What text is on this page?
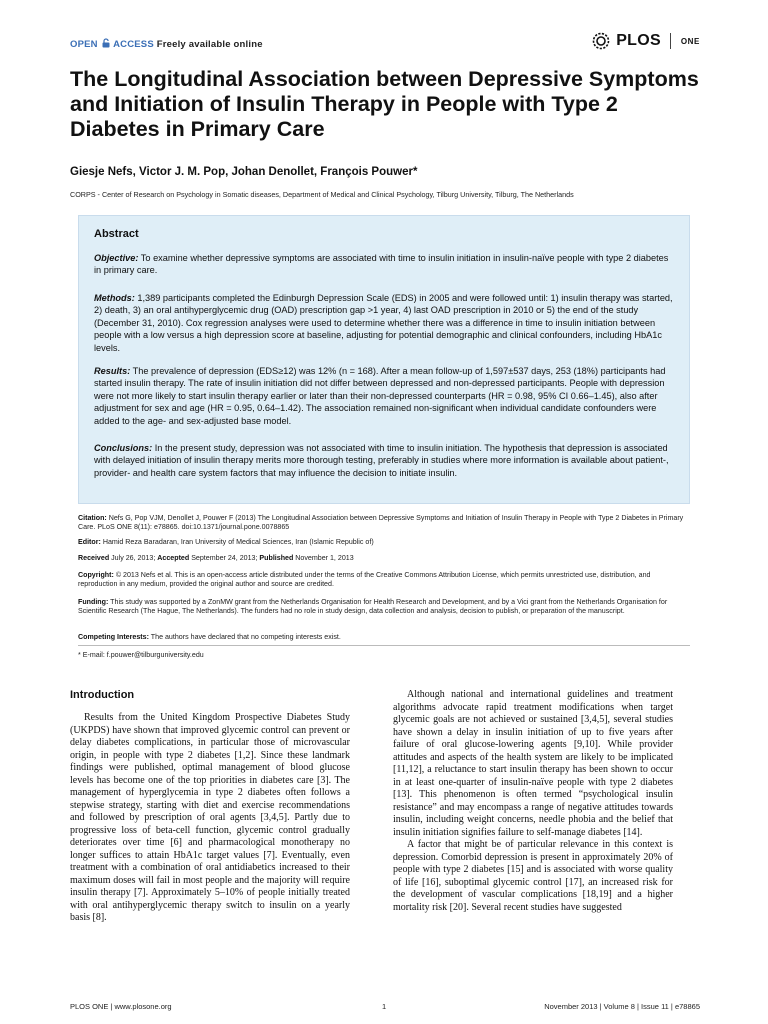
OPEN ACCESS Freely available online	PLOS ONE
The Longitudinal Association between Depressive Symptoms and Initiation of Insulin Therapy in People with Type 2 Diabetes in Primary Care
Giesje Nefs, Victor J. M. Pop, Johan Denollet, François Pouwer*
CORPS - Center of Research on Psychology in Somatic diseases, Department of Medical and Clinical Psychology, Tilburg University, Tilburg, The Netherlands
Abstract
Objective: To examine whether depressive symptoms are associated with time to insulin initiation in insulin-naïve people with type 2 diabetes in primary care.
Methods: 1,389 participants completed the Edinburgh Depression Scale (EDS) in 2005 and were followed until: 1) insulin therapy was started, 2) death, 3) an oral antihyperglycemic drug (OAD) prescription gap >1 year, 4) last OAD prescription in 2010 or 5) the end of the study (December 31, 2010). Cox regression analyses were used to determine whether there was a difference in time to insulin initiation between people with a low versus a high depression score at baseline, adjusting for potential demographic and clinical confounders, including HbA1c levels.
Results: The prevalence of depression (EDS≥12) was 12% (n = 168). After a mean follow-up of 1,597±537 days, 253 (18%) participants had started insulin therapy. The rate of insulin initiation did not differ between depressed and non-depressed participants. People with depression were not more likely to start insulin therapy earlier or later than their non-depressed counterparts (HR = 0.98, 95% CI 0.66–1.45), also after adjustment for sex and age (HR = 0.95, 0.64–1.42). The association remained non-significant when individual candidate confounders were added to the age- and sex-adjusted base model.
Conclusions: In the present study, depression was not associated with time to insulin initiation. The hypothesis that depression is associated with delayed initiation of insulin therapy merits more thorough testing, preferably in studies where more information is available about patient-, provider- and health care system factors that may influence the decision to initiate insulin.
Citation: Nefs G, Pop VJM, Denollet J, Pouwer F (2013) The Longitudinal Association between Depressive Symptoms and Initiation of Insulin Therapy in People with Type 2 Diabetes in Primary Care. PLoS ONE 8(11): e78865. doi:10.1371/journal.pone.0078865
Editor: Hamid Reza Baradaran, Iran University of Medical Sciences, Iran (Islamic Republic of)
Received July 26, 2013; Accepted September 24, 2013; Published November 1, 2013
Copyright: © 2013 Nefs et al. This is an open-access article distributed under the terms of the Creative Commons Attribution License, which permits unrestricted use, distribution, and reproduction in any medium, provided the original author and source are credited.
Funding: This study was supported by a ZonMW grant from the Netherlands Organisation for Health Research and Development, and by a Vici grant from the Netherlands Organisation for Scientific Research (The Hague, The Netherlands). The funders had no role in study design, data collection and analysis, decision to publish, or preparation of the manuscript.
Competing Interests: The authors have declared that no competing interests exist.
* E-mail: f.pouwer@tilburguniversity.edu
Introduction

Results from the United Kingdom Prospective Diabetes Study (UKPDS) have shown that improved glycemic control can prevent or delay diabetes complications, in particular those of microvascular origin, in people with type 2 diabetes [1,2]. Since these landmark findings were published, optimal management of blood glucose levels has become one of the top priorities in diabetes care [3]. The management of hyperglycemia in type 2 diabetes often follows a stepwise strategy, starting with diet and exercise recommendations and followed by prescription of oral agents [3,4,5]. Partly due to progressive loss of beta-cell function, glycemic control gradually deteriorates over time [6] and pharmacological monotherapy no longer suffices to attain HbA1c target values [7]. Eventually, even treatment with a combination of oral antidiabetics increased to their maximum doses will fail in most people and the majority will require insulin therapy [7]. Approximately 5–10% of people initially treated with oral antihyperglycemic therapy switch to insulin on a yearly basis [8].

Although national and international guidelines and treatment algorithms advocate rapid treatment modifications when target glycemic goals are not achieved or sustained [3,4,5], several studies have shown a delay in insulin initiation of up to five years after failure of oral glucose-lowering agents [9,10]. While provider attitudes and aspects of the health system are likely to be implicated [11,12], a reluctance to start insulin therapy has been shown to occur in at least one-quarter of insulin-naïve people with type 2 diabetes [13]. This phenomenon is often termed “psychological insulin resistance” and may encompass a range of negative attitudes towards insulin, including weight concerns, needle phobia and the belief that insulin initiation signifies failure to self-manage diabetes [14].

A factor that might be of particular relevance in this context is depression. Comorbid depression is present in approximately 20% of people with type 2 diabetes [15] and is associated with worse quality of life [16], suboptimal glycemic control [17], an increased risk for the development of vascular complications [18,19] and a higher mortality risk [20]. Several recent studies have suggested

PLOS ONE | www.plosone.org	1	November 2013 | Volume 8 | Issue 11 | e78865
